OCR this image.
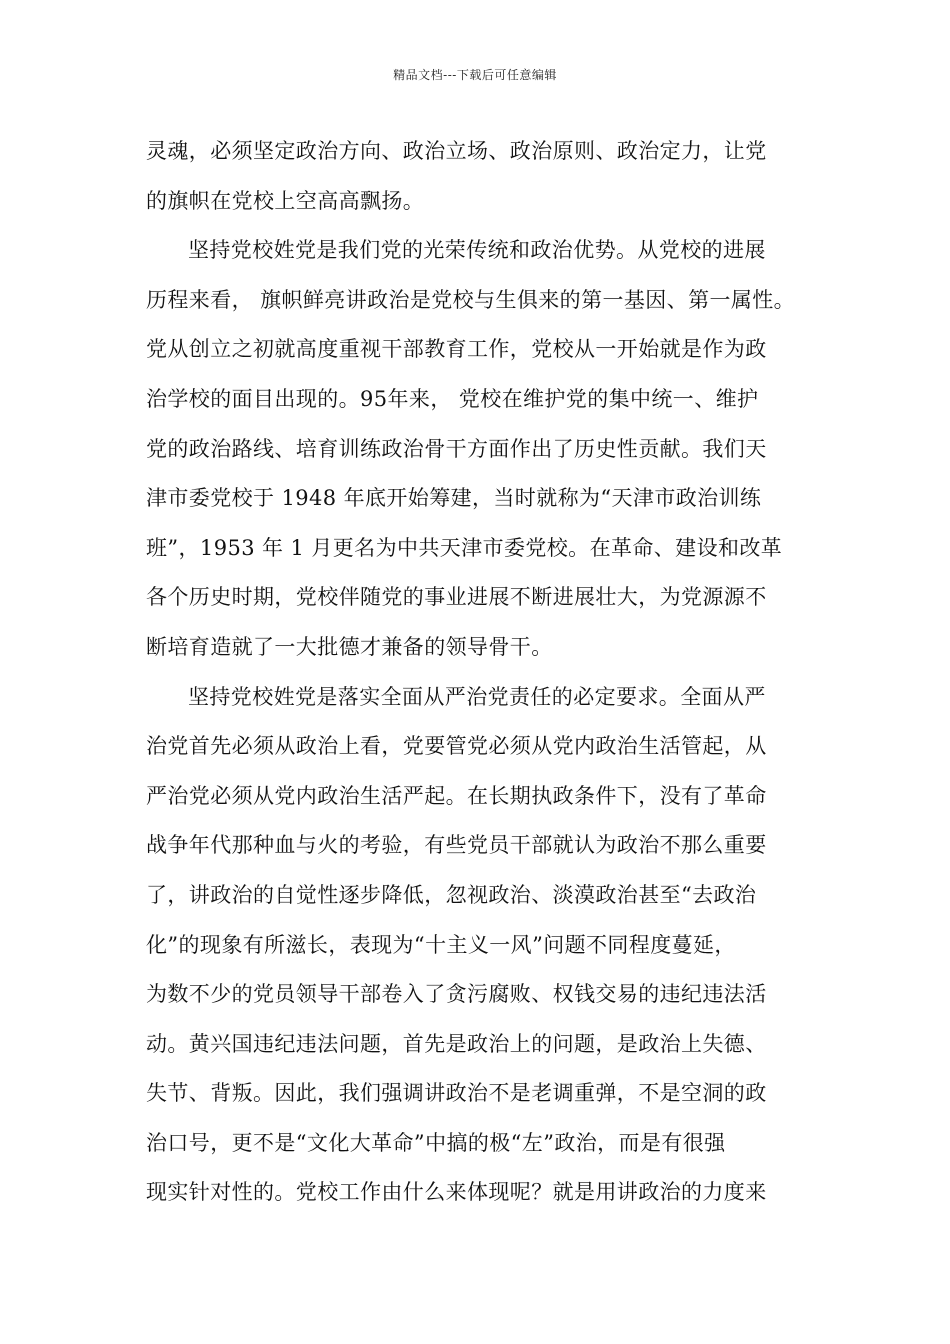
精品文档---下载后可任意编辑
灵魂，必须坚定政治方向、政治立场、政治原则、政治定力，让党
的旗帜在党校上空高高飘扬。
坚持党校姓党是我们党的光荣传统和政治优势。从党校的进展
历程来看， 旗帜鲜亮讲政治是党校与生俱来的第一基因、第一属性。
党从创立之初就高度重视干部教育工作，党校从一开始就是作为政
治学校的面目出现的。95年来， 党校在维护党的集中统一、维护
党的政治路线、培育训练政治骨干方面作出了历史性贡献。我们天
津市委党校于 1948 年底开始筹建，当时就称为“天津市政治训练
班”，1953 年 1 月更名为中共天津市委党校。在革命、建设和改革
各个历史时期，党校伴随党的事业进展不断进展壮大，为党源源不
断培育造就了一大批德才兼备的领导骨干。
坚持党校姓党是落实全面从严治党责任的必定要求。全面从严
治党首先必须从政治上看，党要管党必须从党内政治生活管起，从
严治党必须从党内政治生活严起。在长期执政条件下，没有了革命
战争年代那种血与火的考验，有些党员干部就认为政治不那么重要
了，讲政治的自觉性逐步降低，忽视政治、淡漠政治甚至“去政治
化”的现象有所滋长，表现为“十主义一风”问题不同程度蔓延，
为数不少的党员领导干部卷入了贪污腐败、权钱交易的违纪违法活
动。黄兴国违纪违法问题，首先是政治上的问题，是政治上失德、
失节、背叛。因此，我们强调讲政治不是老调重弹，不是空洞的政
治口号，更不是“文化大革命”中搞的极“左”政治，而是有很强
现实针对性的。党校工作由什么来体现呢？就是用讲政治的力度来
